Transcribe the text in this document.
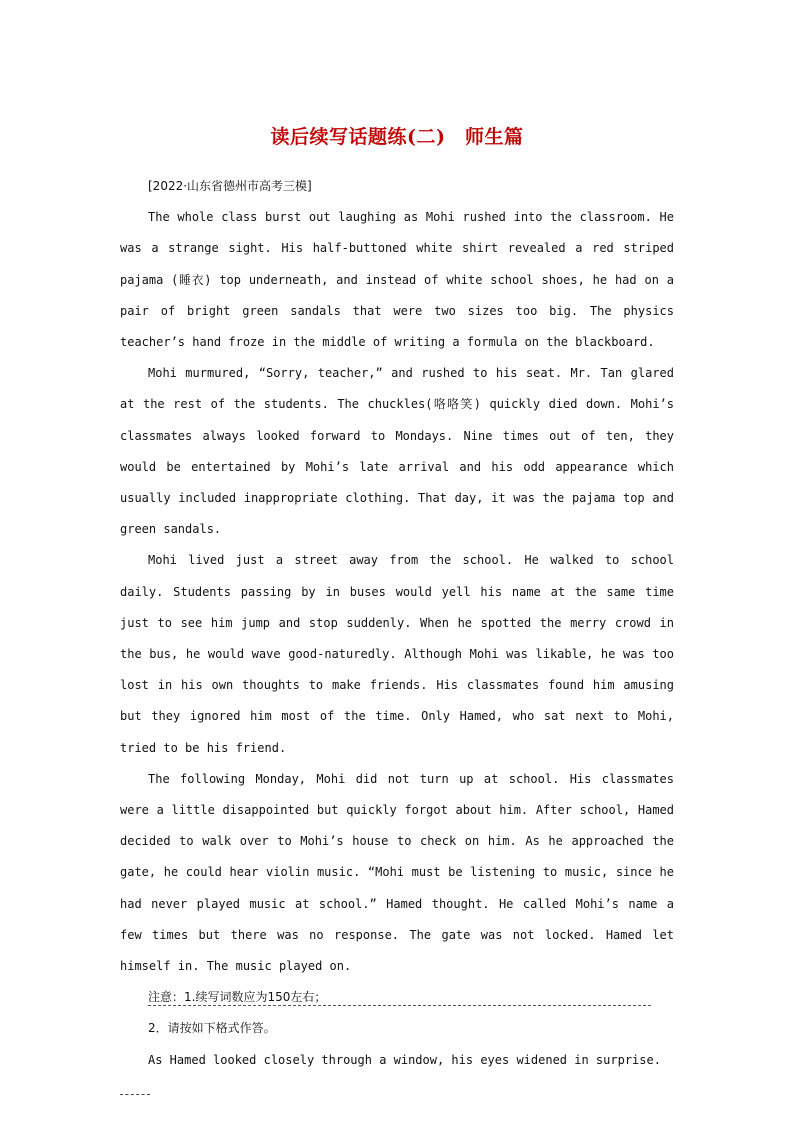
读后续写话题练(二)　师生篇
[2022·山东省德州市高考三模]

The whole class burst out laughing as Mohi rushed into the classroom. He was a strange sight. His half-buttoned white shirt revealed a red striped pajama (睡衣) top underneath, and instead of white school shoes, he had on a pair of bright green sandals that were two sizes too big. The physics teacher’s hand froze in the middle of writing a formula on the blackboard.

Mohi murmured, “Sorry, teacher,” and rushed to his seat. Mr. Tan glared at the rest of the students. The chuckles(咯咯笑) quickly died down. Mohi’s classmates always looked forward to Mondays. Nine times out of ten, they would be entertained by Mohi’s late arrival and his odd appearance which usually included inappropriate clothing. That day, it was the pajama top and green sandals.

Mohi lived just a street away from the school. He walked to school daily. Students passing by in buses would yell his name at the same time just to see him jump and stop suddenly. When he spotted the merry crowd in the bus, he would wave good-naturedly. Although Mohi was likable, he was too lost in his own thoughts to make friends. His classmates found him amusing but they ignored him most of the time. Only Hamed, who sat next to Mohi, tried to be his friend.

The following Monday, Mohi did not turn up at school. His classmates were a little disappointed but quickly forgot about him. After school, Hamed decided to walk over to Mohi’s house to check on him. As he approached the gate, he could hear violin music. “Mohi must be listening to music, since he had never played music at school.” Hamed thought. He called Mohi’s name a few times but there was no response. The gate was not locked. Hamed let himself in. The music played on.

注意：1.续写词数应为150左右；
2．请按如下格式作答。

As Hamed looked closely through a window, his eyes widened in surprise.
